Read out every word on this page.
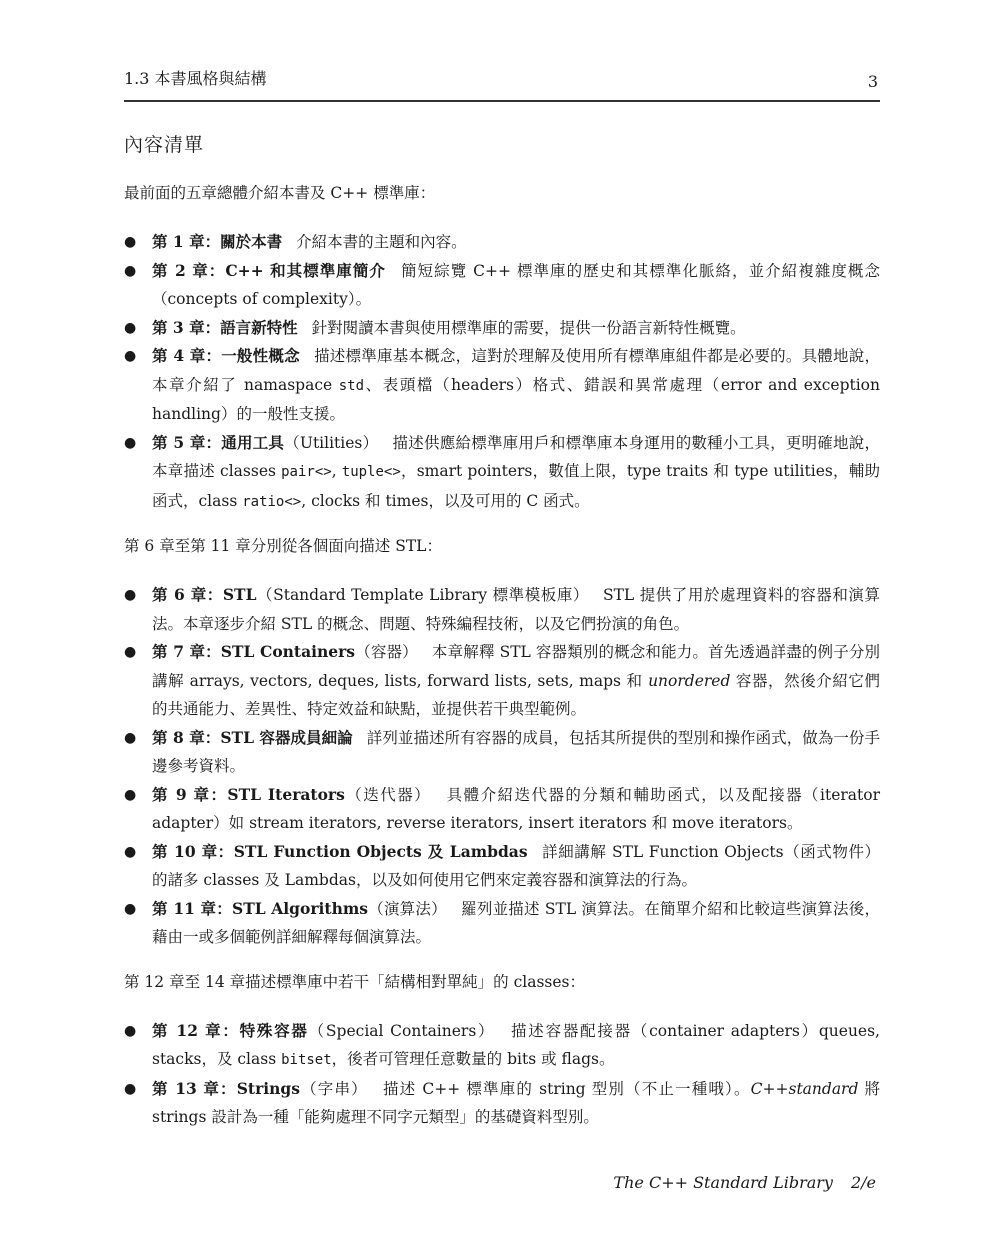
1.3 本書風格與結構	3
內容清單

最前面的五章總體介紹本書及 C++ 標準庫：

● 第 1 章：關於本書 介紹本書的主題和內容。
● 第 2 章：C++ 和其標準庫簡介 簡短綜覽 C++ 標準庫的歷史和其標準化脈絡，並介紹複雜度概念（concepts of complexity）。
● 第 3 章：語言新特性 針對閱讀本書與使用標準庫的需要，提供一份語言新特性概覽。
● 第 4 章：一般性概念 描述標準庫基本概念，這對於理解及使用所有標準庫組件都是必要的。具體地說，本章介紹了 namaspace std、表頭檔（headers）格式、錯誤和異常處理（error and exception handling）的一般性支援。
● 第 5 章：通用工具（Utilities） 描述供應給標準庫用戶和標準庫本身運用的數種小工具，更明確地說，本章描述 classes pair<>, tuple<>，smart pointers，數值上限，type traits 和 type utilities，輔助函式，class ratio<>, clocks 和 times，以及可用的 C 函式。

第 6 章至第 11 章分別從各個面向描述 STL：

● 第 6 章：STL（Standard Template Library 標準模板庫） STL 提供了用於處理資料的容器和演算法。本章逐步介紹 STL 的概念、問題、特殊編程技術，以及它們扮演的角色。
● 第 7 章：STL Containers（容器） 本章解釋 STL 容器類別的概念和能力。首先透過詳盡的例子分別講解 arrays, vectors, deques, lists, forward lists, sets, maps 和 unordered 容器，然後介紹它們的共通能力、差異性、特定效益和缺點，並提供若干典型範例。
● 第 8 章：STL 容器成員細論 詳列並描述所有容器的成員，包括其所提供的型別和操作函式，做為一份手邊參考資料。
● 第 9 章：STL Iterators（迭代器） 具體介紹迭代器的分類和輔助函式，以及配接器（iterator adapter）如 stream iterators, reverse iterators, insert iterators 和 move iterators。
● 第 10 章：STL Function Objects 及 Lambdas 詳細講解 STL Function Objects（函式物件）的諸多 classes 及 Lambdas，以及如何使用它們來定義容器和演算法的行為。
● 第 11 章：STL Algorithms（演算法） 羅列並描述 STL 演算法。在簡單介紹和比較這些演算法後，藉由一或多個範例詳細解釋每個演算法。

第 12 章至 14 章描述標準庫中若干「結構相對單純」的 classes：

● 第 12 章：特殊容器（Special Containers） 描述容器配接器（container adapters）queues, stacks，及 class bitset，後者可管理任意數量的 bits 或 flags。
● 第 13 章：Strings（字串） 描述 C++ 標準庫的 string 型別（不止一種哦）。C++standard 將 strings 設計為一種「能夠處理不同字元類型」的基礎資料型別。
The C++ Standard Library 2/e
